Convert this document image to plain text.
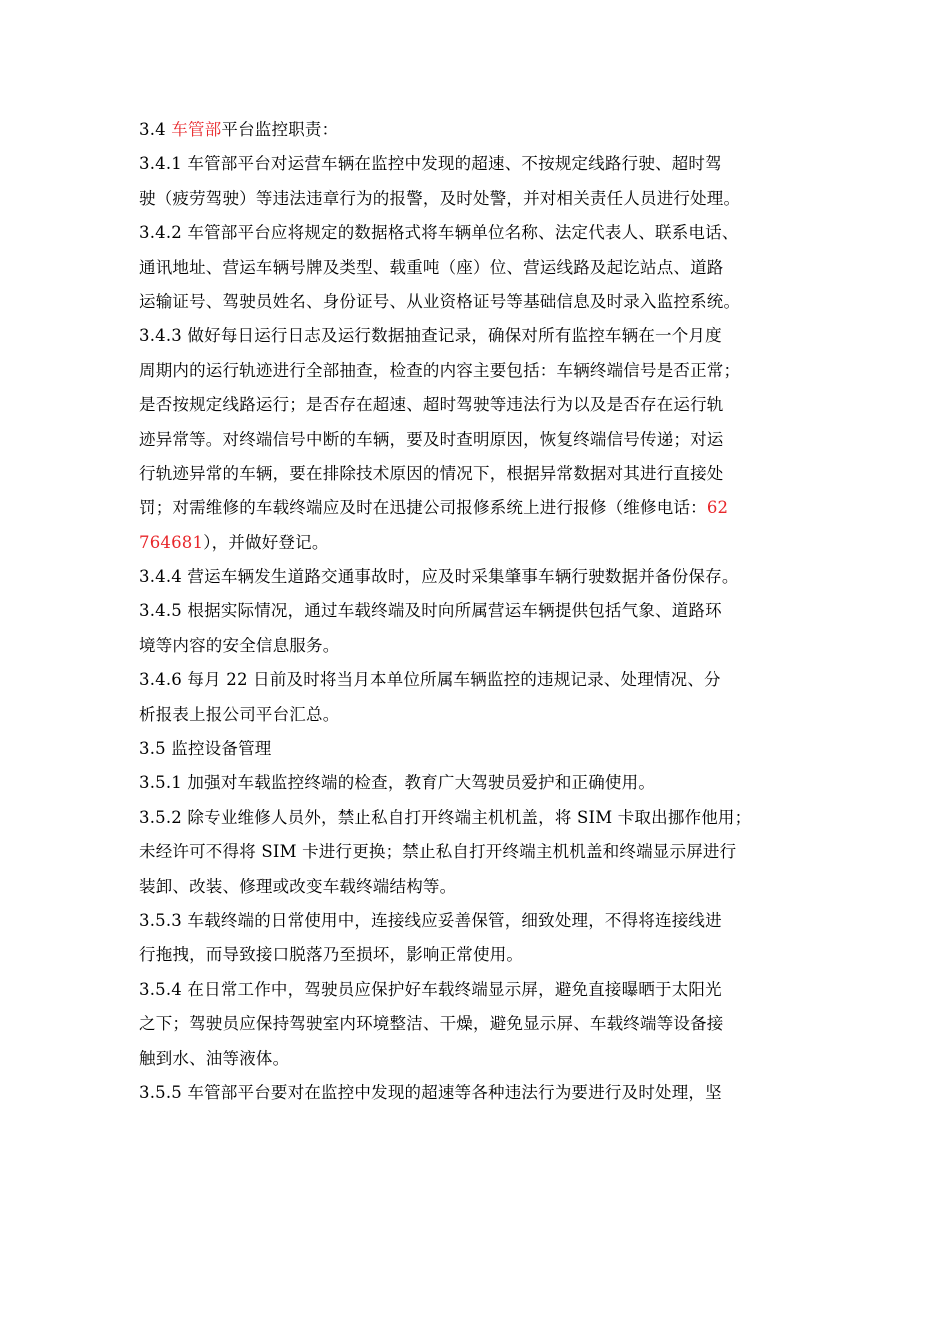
3.4 车管部平台监控职责：
3.4.1 车管部平台对运营车辆在监控中发现的超速、不按规定线路行驶、超时驾
驶（疲劳驾驶）等违法违章行为的报警，及时处警，并对相关责任人员进行处理。
3.4.2 车管部平台应将规定的数据格式将车辆单位名称、法定代表人、联系电话、
通讯地址、营运车辆号牌及类型、载重吨（座）位、营运线路及起讫站点、道路
运输证号、驾驶员姓名、身份证号、从业资格证号等基础信息及时录入监控系统。
3.4.3 做好每日运行日志及运行数据抽查记录，确保对所有监控车辆在一个月度
周期内的运行轨迹进行全部抽查，检查的内容主要包括：车辆终端信号是否正常；
是否按规定线路运行；是否存在超速、超时驾驶等违法行为以及是否存在运行轨
迹异常等。对终端信号中断的车辆，要及时查明原因，恢复终端信号传递；对运
行轨迹异常的车辆，要在排除技术原因的情况下，根据异常数据对其进行直接处
罚；对需维修的车载终端应及时在迅捷公司报修系统上进行报修（维修电话：62
764681），并做好登记。
3.4.4 营运车辆发生道路交通事故时，应及时采集肇事车辆行驶数据并备份保存。
3.4.5 根据实际情况，通过车载终端及时向所属营运车辆提供包括气象、道路环
境等内容的安全信息服务。
3.4.6 每月 22 日前及时将当月本单位所属车辆监控的违规记录、处理情况、分
析报表上报公司平台汇总。
3.5 监控设备管理
3.5.1 加强对车载监控终端的检查，教育广大驾驶员爱护和正确使用。
3.5.2 除专业维修人员外，禁止私自打开终端主机机盖，将 SIM 卡取出挪作他用；
未经许可不得将 SIM 卡进行更换；禁止私自打开终端主机机盖和终端显示屏进行
装卸、改装、修理或改变车载终端结构等。
3.5.3 车载终端的日常使用中，连接线应妥善保管，细致处理，不得将连接线进
行拖拽，而导致接口脱落乃至损坏，影响正常使用。
3.5.4 在日常工作中，驾驶员应保护好车载终端显示屏，避免直接曝晒于太阳光
之下；驾驶员应保持驾驶室内环境整洁、干燥，避免显示屏、车载终端等设备接
触到水、油等液体。
3.5.5 车管部平台要对在监控中发现的超速等各种违法行为要进行及时处理，坚
